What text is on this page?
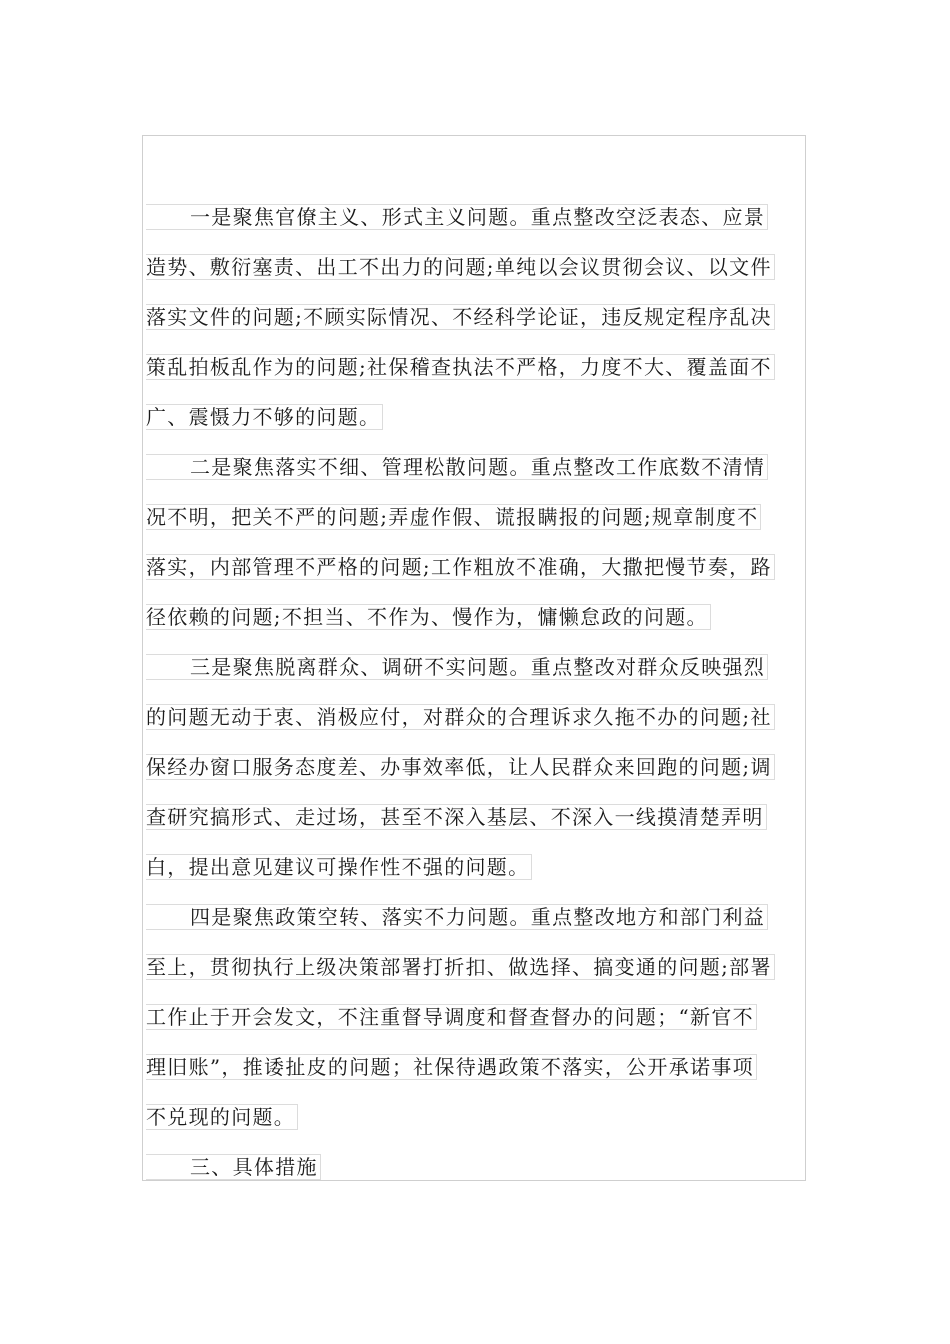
一是聚焦官僚主义、形式主义问题。重点整改空泛表态、应景
造势、敷衍塞责、出工不出力的问题;单纯以会议贯彻会议、以文件
落实文件的问题;不顾实际情况、不经科学论证，违反规定程序乱决
策乱拍板乱作为的问题;社保稽查执法不严格，力度不大、覆盖面不
广、震慑力不够的问题。
二是聚焦落实不细、管理松散问题。重点整改工作底数不清情
况不明，把关不严的问题;弄虚作假、谎报瞒报的问题;规章制度不
落实，内部管理不严格的问题;工作粗放不准确，大撒把慢节奏，路
径依赖的问题;不担当、不作为、慢作为，慵懒怠政的问题。
三是聚焦脱离群众、调研不实问题。重点整改对群众反映强烈
的问题无动于衷、消极应付，对群众的合理诉求久拖不办的问题;社
保经办窗口服务态度差、办事效率低，让人民群众来回跑的问题;调
查研究搞形式、走过场，甚至不深入基层、不深入一线摸清楚弄明
白，提出意见建议可操作性不强的问题。
四是聚焦政策空转、落实不力问题。重点整改地方和部门利益
至上，贯彻执行上级决策部署打折扣、做选择、搞变通的问题;部署
工作止于开会发文，不注重督导调度和督查督办的问题；“新官不
理旧账”，推诿扯皮的问题；社保待遇政策不落实，公开承诺事项
不兑现的问题。
三、具体措施
